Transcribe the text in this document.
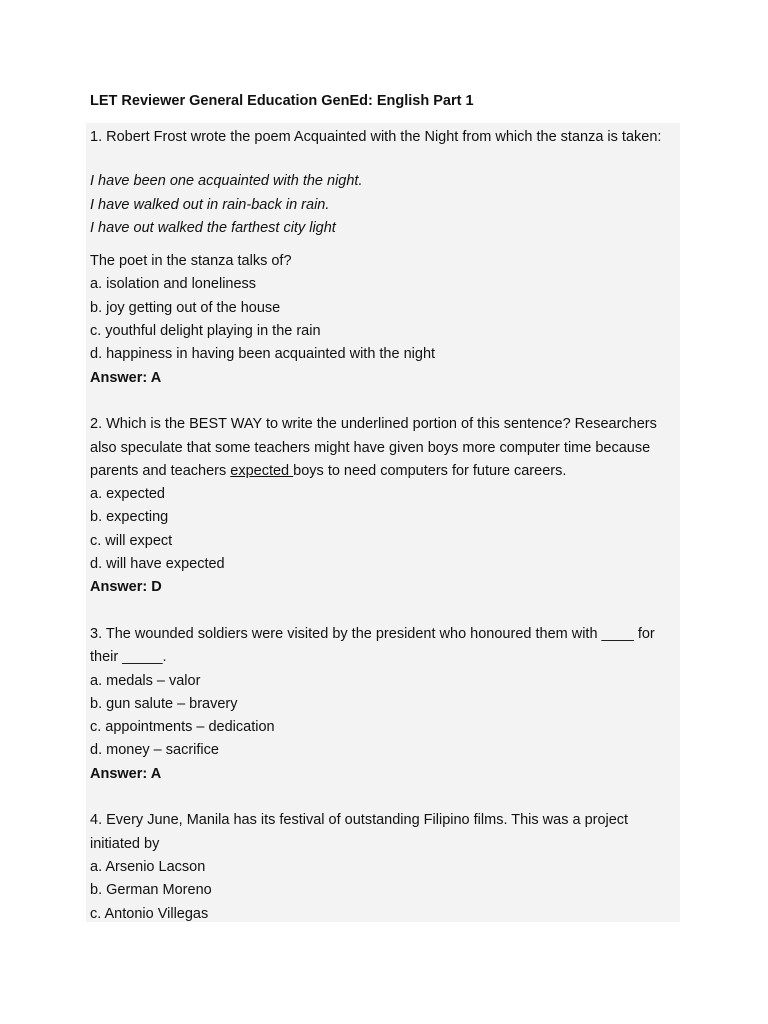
LET Reviewer General Education GenEd: English Part 1
1. Robert Frost wrote the poem Acquainted with the Night from which the stanza is taken:
I have been one acquainted with the night.
I have walked out in rain-back in rain.
I have out walked the farthest city light
The poet in the stanza talks of?
a. isolation and loneliness
b. joy getting out of the house
c. youthful delight playing in the rain
d. happiness in having been acquainted with the night
Answer: A
2. Which is the BEST WAY to write the underlined portion of this sentence? Researchers
also speculate that some teachers might have given boys more computer time because
parents and teachers expected boys to need computers for future careers.
a. expected
b. expecting
c. will expect
d. will have expected
Answer: D
3. The wounded soldiers were visited by the president who honoured them with ____ for
their _____.
a. medals – valor
b. gun salute – bravery
c. appointments – dedication
d. money – sacrifice
Answer: A
4. Every June, Manila has its festival of outstanding Filipino films. This was a project
initiated by
a. Arsenio Lacson
b. German Moreno
c. Antonio Villegas
